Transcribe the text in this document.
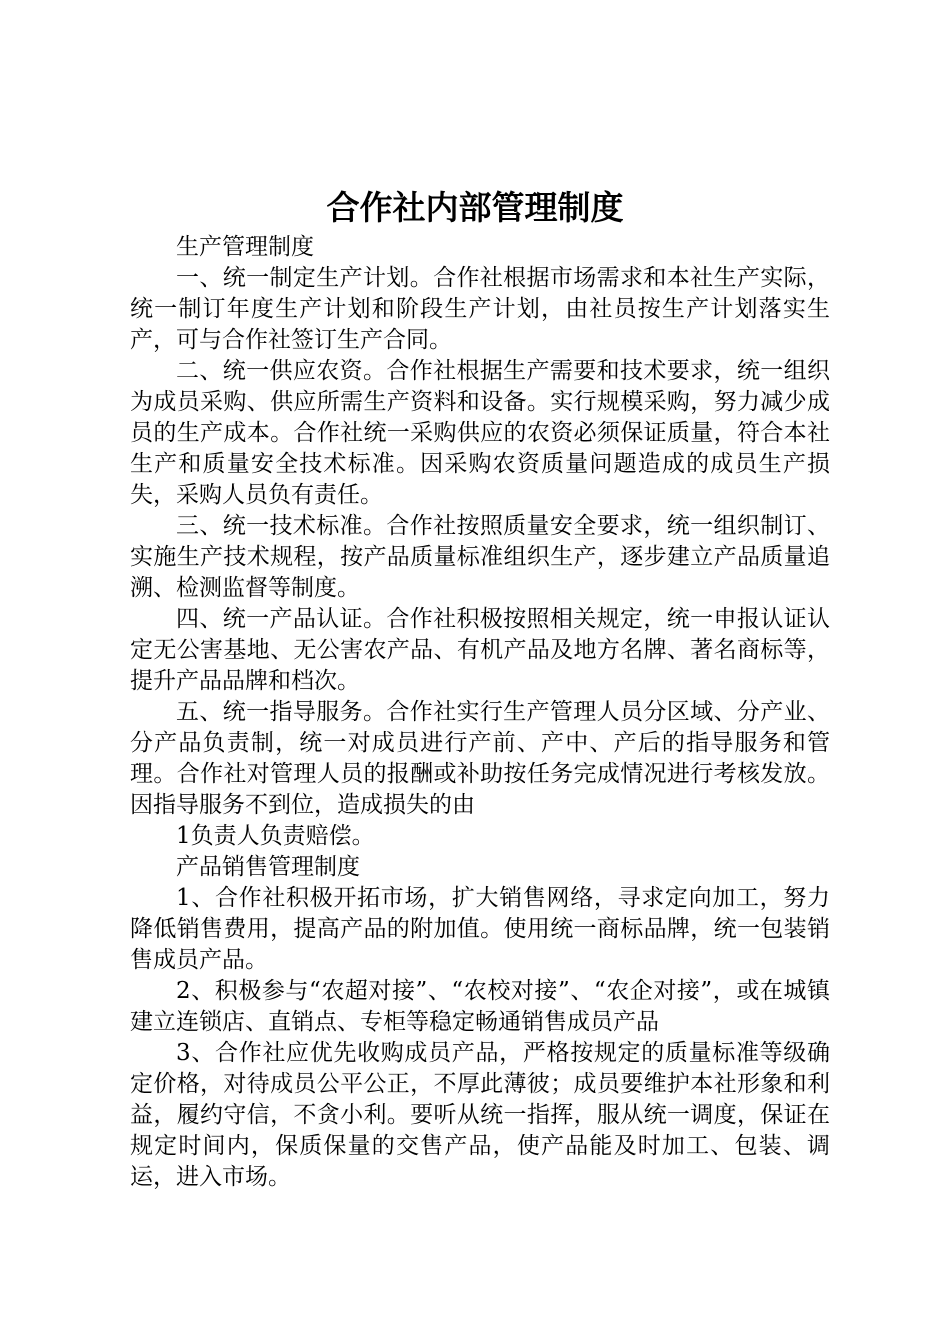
合作社内部管理制度

生产管理制度

一、统一制定生产计划。合作社根据市场需求和本社生产实际，统一制订年度生产计划和阶段生产计划，由社员按生产计划落实生产，可与合作社签订生产合同。

二、统一供应农资。合作社根据生产需要和技术要求，统一组织为成员采购、供应所需生产资料和设备。实行规模采购，努力减少成员的生产成本。合作社统一采购供应的农资必须保证质量，符合本社生产和质量安全技术标准。因采购农资质量问题造成的成员生产损失，采购人员负有责任。

三、统一技术标准。合作社按照质量安全要求，统一组织制订、实施生产技术规程，按产品质量标准组织生产，逐步建立产品质量追溯、检测监督等制度。

四、统一产品认证。合作社积极按照相关规定，统一申报认证认定无公害基地、无公害农产品、有机产品及地方名牌、著名商标等，提升产品品牌和档次。

五、统一指导服务。合作社实行生产管理人员分区域、分产业、分产品负责制，统一对成员进行产前、产中、产后的指导服务和管理。合作社对管理人员的报酬或补助按任务完成情况进行考核发放。因指导服务不到位，造成损失的由

1负责人负责赔偿。

产品销售管理制度

1、合作社积极开拓市场，扩大销售网络，寻求定向加工，努力降低销售费用，提高产品的附加值。使用统一商标品牌，统一包装销售成员产品。

2、积极参与“农超对接”、“农校对接”、“农企对接”，或在城镇建立连锁店、直销点、专柜等稳定畅通销售成员产品

3、合作社应优先收购成员产品，严格按规定的质量标准等级确定价格，对待成员公平公正，不厚此薄彼；成员要维护本社形象和利益，履约守信，不贪小利。要听从统一指挥，服从统一调度，保证在规定时间内，保质保量的交售产品，使产品能及时加工、包装、调运，进入市场。
